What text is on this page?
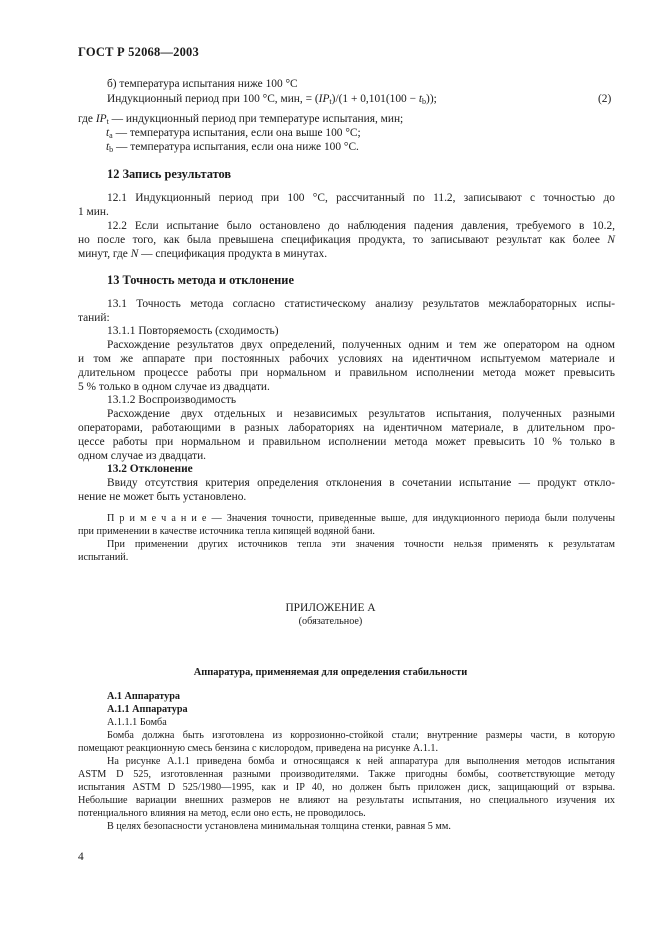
ГОСТ Р 52068—2003
б) температура испытания ниже 100 °С
Индукционный период при 100 °С, мин, = $(IP_t)/(1 + 0,101(100 - t_b))$;	(2)
где $IP_t$ — индукционный период при температуре испытания, мин;
$t_a$ — температура испытания, если она выше 100 °С;
$t_b$ — температура испытания, если она ниже 100 °С.
12 Запись результатов
12.1 Индукционный период при 100 °С, рассчитанный по 11.2, записывают с точностью до
1 мин.
12.2 Если испытание было остановлено до наблюдения падения давления, требуемого в 10.2,
но после того, как была превышена спецификация продукта, то записывают результат как более N
минут, где N — спецификация продукта в минутах.
13 Точность метода и отклонение
13.1 Точность метода согласно статистическому анализу результатов межлабораторных испы-
таний:
13.1.1 Повторяемость (сходимость)
Расхождение результатов двух определений, полученных одним и тем же оператором на одном
и том же аппарате при постоянных рабочих условиях на идентичном испытуемом материале и
длительном процессе работы при нормальном и правильном исполнении метода может превысить
5 % только в одном случае из двадцати.
13.1.2 Воспроизводимость
Расхождение двух отдельных и независимых результатов испытания, полученных разными
операторами, работающими в разных лабораториях на идентичном материале, в длительном про-
цессе работы при нормальном и правильном исполнении метода может превысить 10 % только в
одном случае из двадцати.
13.2 Отклонение
Ввиду отсутствия критерия определения отклонения в сочетании испытание — продукт откло-
нение не может быть установлено.
П р и м е ч а н и е — Значения точности, приведенные выше, для индукционного периода были получены
при применении в качестве источника тепла кипящей водяной бани.
При применении других источников тепла эти значения точности нельзя применять к результатам
испытаний.
ПРИЛОЖЕНИЕ А
(обязательное)
Аппаратура, применяемая для определения стабильности
А.1 Аппаратура
А.1.1 Аппаратура
А.1.1.1 Бомба
Бомба должна быть изготовлена из коррозионно-стойкой стали; внутренние размеры части, в которую
помещают реакционную смесь бензина с кислородом, приведена на рисунке А.1.1.
На рисунке А.1.1 приведена бомба и относящаяся к ней аппаратура для выполнения методов испытания
ASTM D 525, изготовленная разными производителями. Также пригодны бомбы, соответствующие методу
испытания ASTM D 525/1980—1995, как и IP 40, но должен быть приложен диск, защищающий от взрыва.
Небольшие вариации внешних размеров не влияют на результаты испытания, но специального изучения их
потенциального влияния на метод, если оно есть, не проводилось.
В целях безопасности установлена минимальная толщина стенки, равная 5 мм.
4
